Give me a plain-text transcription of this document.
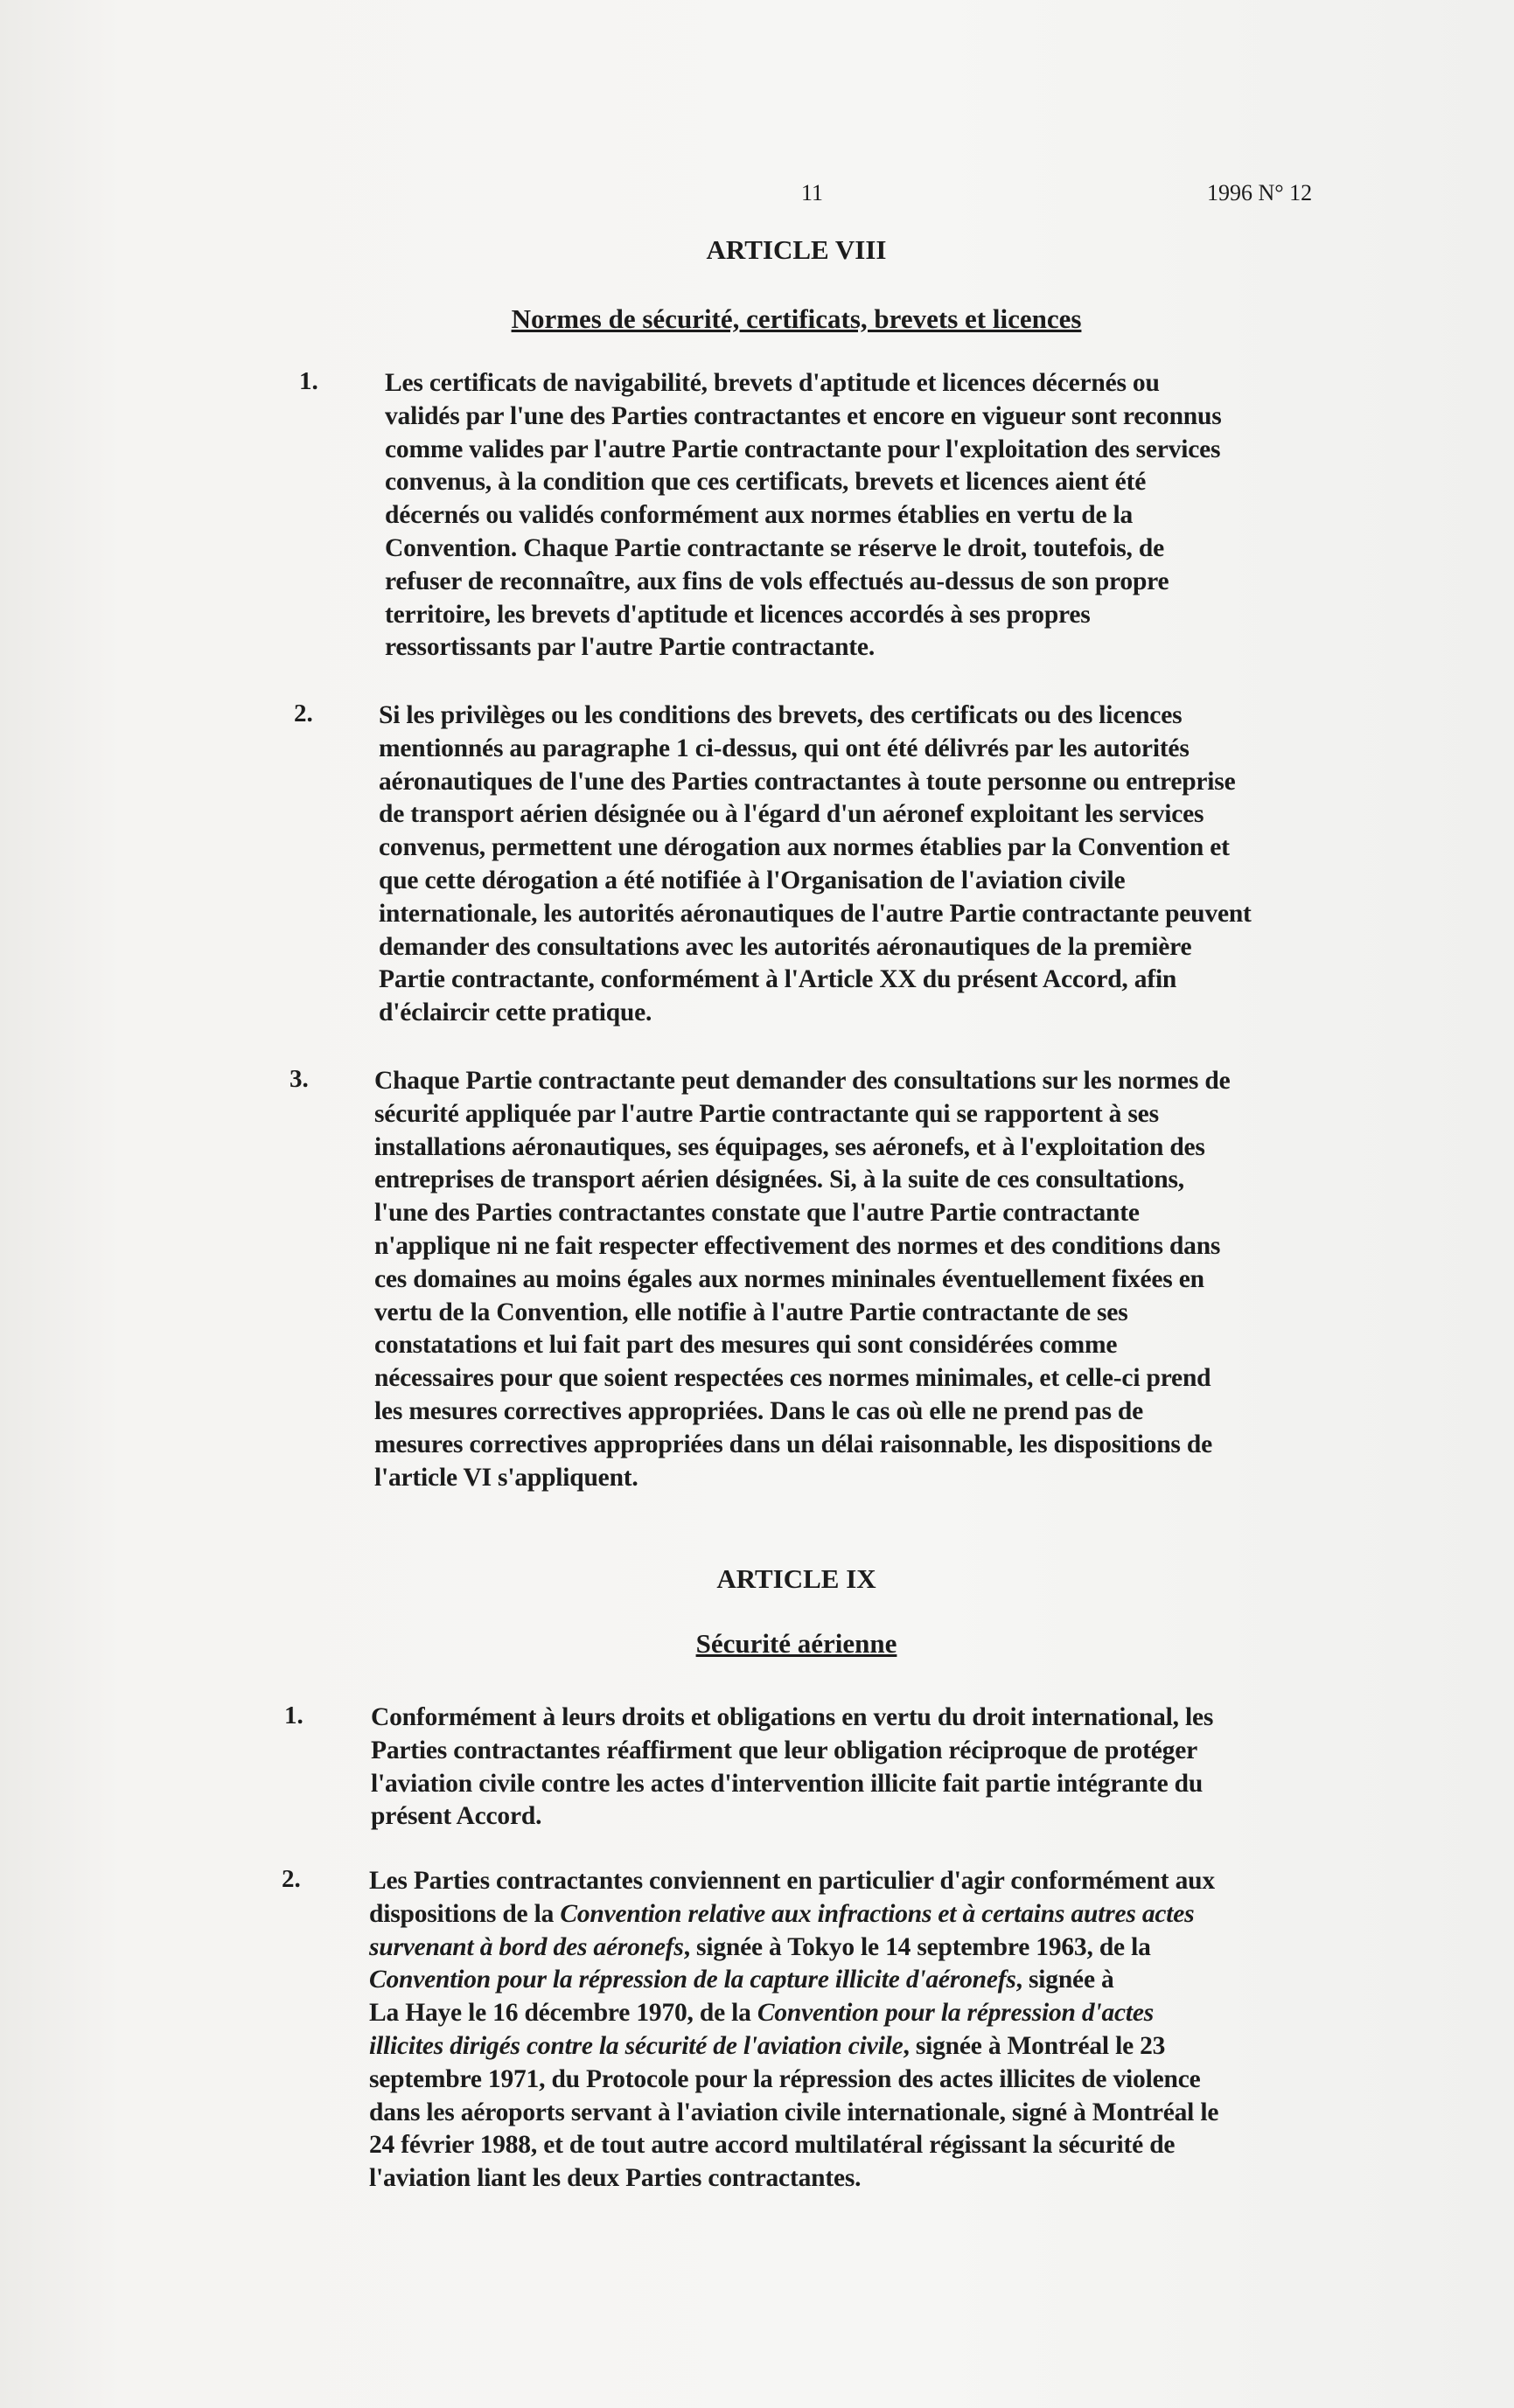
11	1996 N° 12
ARTICLE VIII
Normes de sécurité, certificats, brevets et licences
1.	Les certificats de navigabilité, brevets d'aptitude et licences décernés ou
validés par l'une des Parties contractantes et encore en vigueur sont reconnus
comme valides par l'autre Partie contractante pour l'exploitation des services
convenus, à la condition que ces certificats, brevets et licences aient été
décernés ou validés conformément aux normes établies en vertu de la
Convention. Chaque Partie contractante se réserve le droit, toutefois, de
refuser de reconnaître, aux fins de vols effectués au-dessus de son propre
territoire, les brevets d'aptitude et licences accordés à ses propres
ressortissants par l'autre Partie contractante.
2.	Si les privilèges ou les conditions des brevets, des certificats ou des licences
mentionnés au paragraphe 1 ci-dessus, qui ont été délivrés par les autorités
aéronautiques de l'une des Parties contractantes à toute personne ou entreprise
de transport aérien désignée ou à l'égard d'un aéronef exploitant les services
convenus, permettent une dérogation aux normes établies par la Convention et
que cette dérogation a été notifiée à l'Organisation de l'aviation civile
internationale, les autorités aéronautiques de l'autre Partie contractante peuvent
demander des consultations avec les autorités aéronautiques de la première
Partie contractante, conformément à l'Article XX du présent Accord, afin
d'éclaircir cette pratique.
3.	Chaque Partie contractante peut demander des consultations sur les normes de
sécurité appliquée par l'autre Partie contractante qui se rapportent à ses
installations aéronautiques, ses équipages, ses aéronefs, et à l'exploitation des
entreprises de transport aérien désignées. Si, à la suite de ces consultations,
l'une des Parties contractantes constate que l'autre Partie contractante
n'applique ni ne fait respecter effectivement des normes et des conditions dans
ces domaines au moins égales aux normes mininales éventuellement fixées en
vertu de la Convention, elle notifie à l'autre Partie contractante de ses
constatations et lui fait part des mesures qui sont considérées comme
nécessaires pour que soient respectées ces normes minimales, et celle-ci prend
les mesures correctives appropriées. Dans le cas où elle ne prend pas de
mesures correctives appropriées dans un délai raisonnable, les dispositions de
l'article VI s'appliquent.
ARTICLE IX
Sécurité aérienne
1.	Conformément à leurs droits et obligations en vertu du droit international, les
Parties contractantes réaffirment que leur obligation réciproque de protéger
l'aviation civile contre les actes d'intervention illicite fait partie intégrante du
présent Accord.
2.	Les Parties contractantes conviennent en particulier d'agir conformément aux
dispositions de la Convention relative aux infractions et à certains autres actes
survenant à bord des aéronefs, signée à Tokyo le 14 septembre 1963, de la
Convention pour la répression de la capture illicite d'aéronefs, signée à
La Haye le 16 décembre 1970, de la Convention pour la répression d'actes
illicites dirigés contre la sécurité de l'aviation civile, signée à Montréal le 23
septembre 1971, du Protocole pour la répression des actes illicites de violence
dans les aéroports servant à l'aviation civile internationale, signé à Montréal le
24 février 1988, et de tout autre accord multilatéral régissant la sécurité de
l'aviation liant les deux Parties contractantes.
